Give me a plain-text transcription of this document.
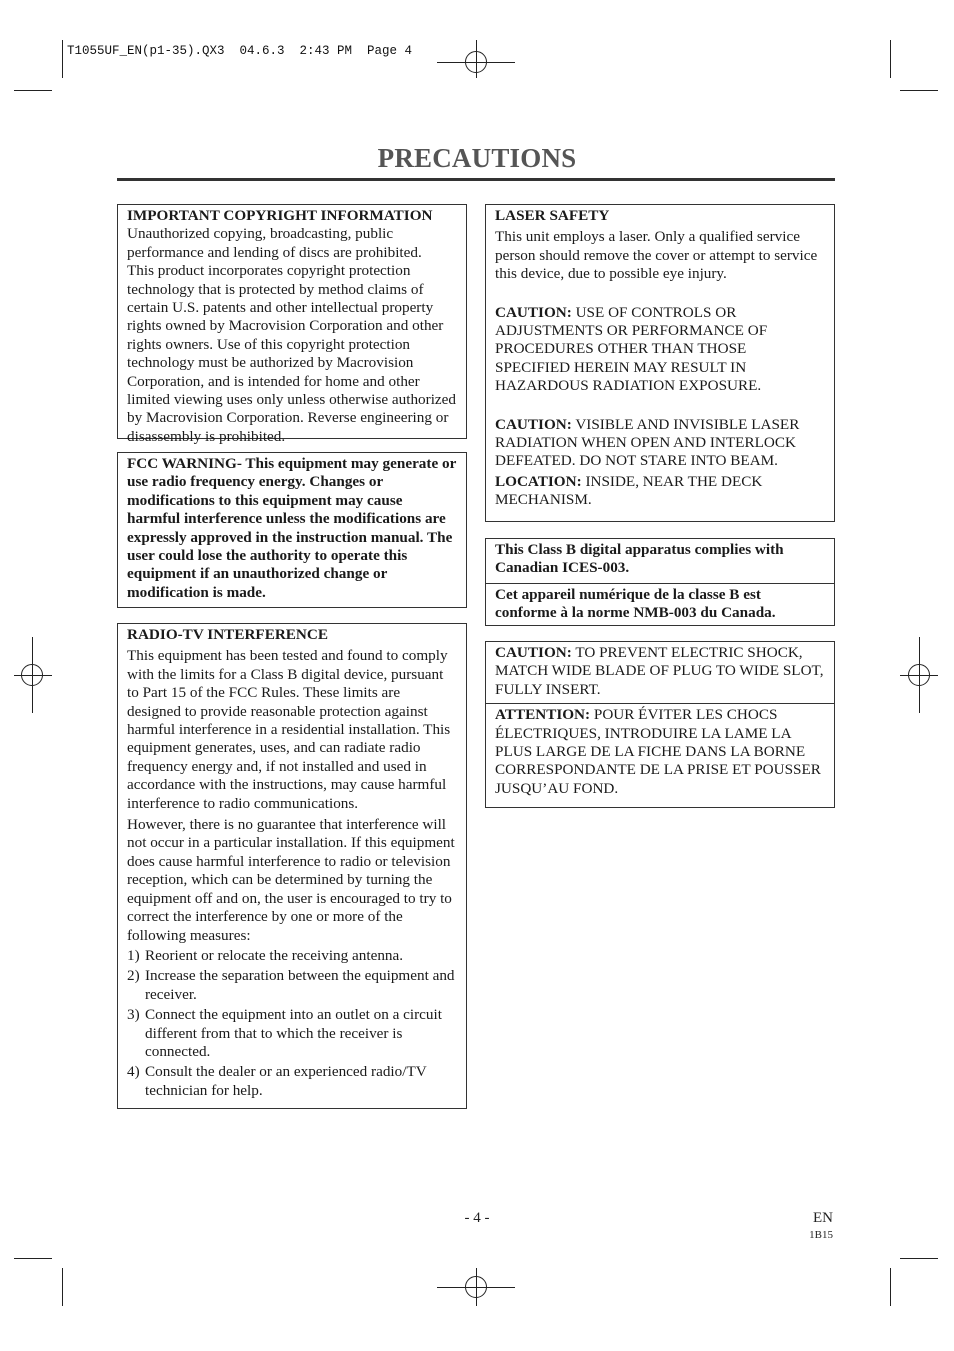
T1055UF_EN(p1-35).QX3  04.6.3  2:43 PM  Page 4
PRECAUTIONS
IMPORTANT COPYRIGHT INFORMATION

Unauthorized copying, broadcasting, public performance and lending of discs are prohibited.

This product incorporates copyright protection technology that is protected by method claims of certain U.S. patents and other intellectual property rights owned by Macrovision Corporation and other rights owners. Use of this copyright protection technology must be authorized by Macrovision Corporation, and is intended for home and other limited viewing uses only unless otherwise authorized by Macrovision Corporation. Reverse engineering or disassembly is prohibited.

FCC WARNING- This equipment may generate or use radio frequency energy. Changes or modifications to this equipment may cause harmful interference unless the modifications are expressly approved in the instruction manual. The user could lose the authority to operate this equipment if an unauthorized change or modification is made.

RADIO-TV INTERFERENCE

This equipment has been tested and found to comply with the limits for a Class B digital device, pursuant to Part 15 of the FCC Rules. These limits are designed to provide reasonable protection against harmful interference in a residential installation. This equipment generates, uses, and can radiate radio frequency energy and, if not installed and used in accordance with the instructions, may cause harmful interference to radio communications.

However, there is no guarantee that interference will not occur in a particular installation. If this equipment does cause harmful interference to radio or television reception, which can be determined by turning the equipment off and on, the user is encouraged to try to correct the interference by one or more of the following measures:

1) Reorient or relocate the receiving antenna.
2) Increase the separation between the equipment and receiver.
3) Connect the equipment into an outlet on a circuit different from that to which the receiver is connected.
4) Consult the dealer or an experienced radio/TV technician for help.
LASER SAFETY

This unit employs a laser. Only a qualified service person should remove the cover or attempt to service this device, due to possible eye injury.

CAUTION: USE OF CONTROLS OR ADJUSTMENTS OR PERFORMANCE OF PROCEDURES OTHER THAN THOSE SPECIFIED HEREIN MAY RESULT IN HAZARDOUS RADIATION EXPOSURE.

CAUTION: VISIBLE AND INVISIBLE LASER RADIATION WHEN OPEN AND INTERLOCK DEFEATED. DO NOT STARE INTO BEAM.

LOCATION: INSIDE, NEAR THE DECK MECHANISM.

This Class B digital apparatus complies with Canadian ICES-003.

Cet appareil numérique de la classe B est conforme à la norme NMB-003 du Canada.

CAUTION: TO PREVENT ELECTRIC SHOCK, MATCH WIDE BLADE OF PLUG TO WIDE SLOT, FULLY INSERT.

ATTENTION: POUR ÉVITER LES CHOCS ÉLECTRIQUES, INTRODUIRE LA LAME LA PLUS LARGE DE LA FICHE DANS LA BORNE CORRESPONDANTE DE LA PRISE ET POUSSER JUSQU’AU FOND.

- 4 -	EN
1B15
